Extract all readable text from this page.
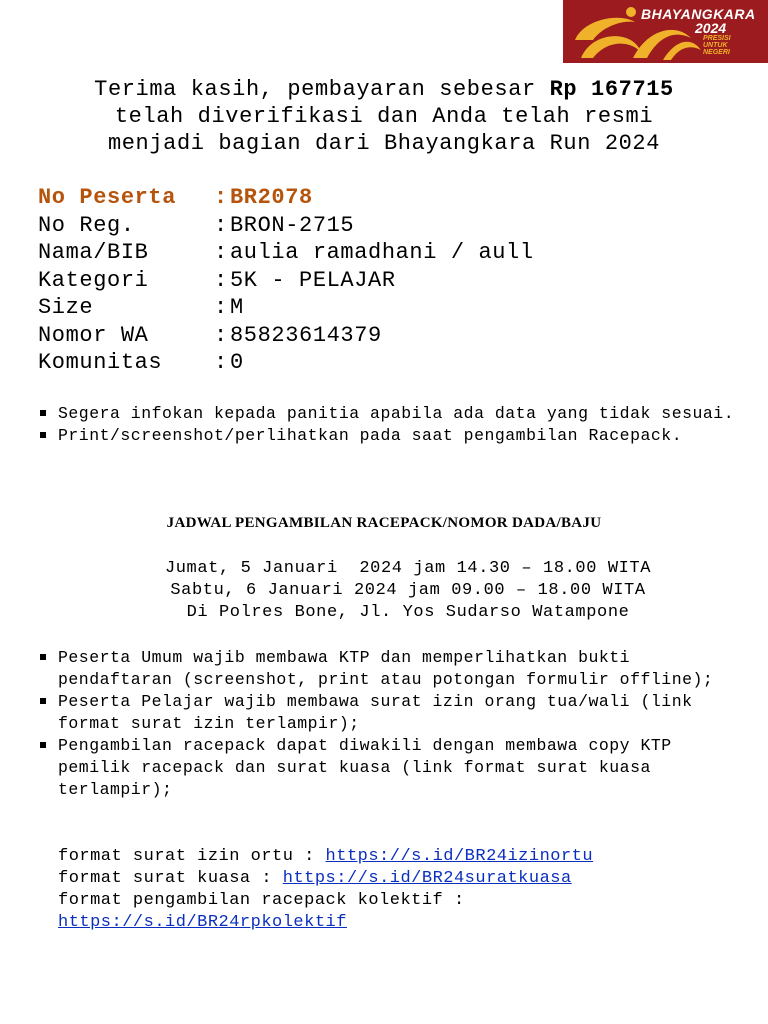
BHAYANGKARA
2024
PRESISI
UNTUK
NEGERI
Terima kasih, pembayaran sebesar Rp 167715
telah diverifikasi dan Anda telah resmi
menjadi bagian dari Bhayangkara Run 2024
No Peserta	: BR2078
No Reg.	: BRON-2715
Nama/BIB	: aulia ramadhani / aull
Kategori	: 5K - PELAJAR
Size	: M
Nomor WA	: 85823614379
Komunitas	: 0
Segera infokan kepada panitia apabila ada data yang tidak sesuai.
Print/screenshot/perlihatkan pada saat pengambilan Racepack.
JADWAL PENGAMBILAN RACEPACK/NOMOR DADA/BAJU
Jumat, 5 Januari  2024 jam 14.30 – 18.00 WITA
Sabtu, 6 Januari 2024 jam 09.00 – 18.00 WITA
Di Polres Bone, Jl. Yos Sudarso Watampone
Peserta Umum wajib membawa KTP dan memperlihatkan bukti pendaftaran (screenshot, print atau potongan formulir offline);
Peserta Pelajar wajib membawa surat izin orang tua/wali (link format surat izin terlampir);
Pengambilan racepack dapat diwakili dengan membawa copy KTP pemilik racepack dan surat kuasa (link format surat kuasa terlampir);
format surat izin ortu : https://s.id/BR24izinortu
format surat kuasa : https://s.id/BR24suratkuasa
format pengambilan racepack kolektif :
https://s.id/BR24rpkolektif
